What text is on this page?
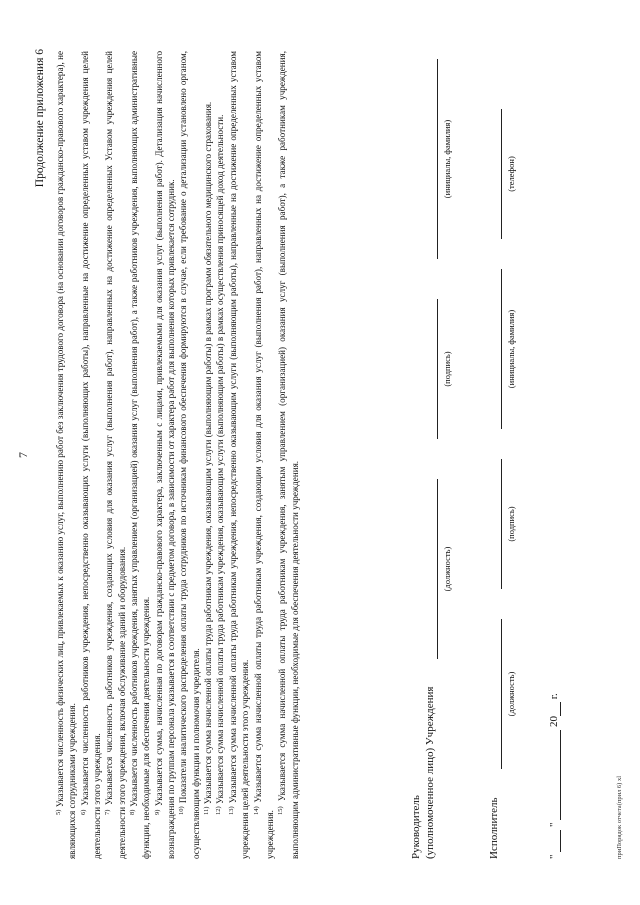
7
Продолжение приложения 6

$^{5)}$ Указывается численность физических лиц, привлекаемых к оказанию услуг, выполнению работ без заключения трудового договора (на основании договоров гражданско-правового характера), не являющихся сотрудниками учреждения. $^{6)}$ Указывается численность работников учреждения, непосредственно оказывающих услуги (выполняющих работы), направленные на достижение определенных уставом учреждения целей деятельности этого учреждения. $^{7)}$ Указывается численность работников учреждения, создающих условия для оказания услуг (выполнения работ), направленных на достижение определенных Уставом учреждения целей деятельности этого учреждения, включая обслуживание зданий и оборудования. $^{8)}$ Указывается численность работников учреждения, занятых управлением (организацией) оказания услуг (выполнения работ), а также работников учреждения, выполняющих административные функции, необходимые для обеспечения деятельности учреждения. $^{9)}$ Указывается сумма, начисленная по договорам гражданско-правового характера, заключенным с лицами, привлекаемыми для оказания услуг (выполнения работ). Детализация начисленного вознаграждения по группам персонала указывается в соответствии с предметом договора, в зависимости от характера работ для выполнения которых привлекается сотрудник. $^{10)}$ Показатели аналитического распределения оплаты труда сотрудников по источникам финансового обеспечения формируются в случае, если требование о детализации установлено органом, осуществляющим функции и полномочия учредителя. $^{11)}$ Указывается сумма начисленной оплаты труда работникам учреждения, оказывающим услуги (выполняющим работы) в рамках программ обязательного медицинского страхования.

$^{12)}$ Указывается сумма начисленной оплаты труда работникам учреждения, оказывающим услуги (выполняющим работы) в рамках осуществления приносящей доход деятельности.

$^{13)}$ Указывается сумма начисленной оплаты труда работникам учреждения, непосредственно оказывающим услуги (выполняющим работы), направленные на достижение определенных уставом учреждения целей деятельности этого учреждения. $^{14)}$ Указывается сумма начисленной оплаты труда работникам учреждения, создающим условия для оказания услуг (выполнения работ), направленных на достижение определенных уставом учреждения. $^{15)}$ Указывается сумма начисленной оплаты труда работникам учреждения, занятым управлением (организацией) оказания услуг (выполнения работ), а также работникам учреждения, выполняющим административные функции, необходимые для обеспечения деятельности учреждения.	Руководитель (уполномоченное лицо) Учреждения
(должность)
(подпись)
(инициалы, фамилия)
Исполнитель
(должность)
(подпись)
(инициалы, фамилия)
(телефон)
"   "   20  г.
приПорядок отчета(прил 6) xl
